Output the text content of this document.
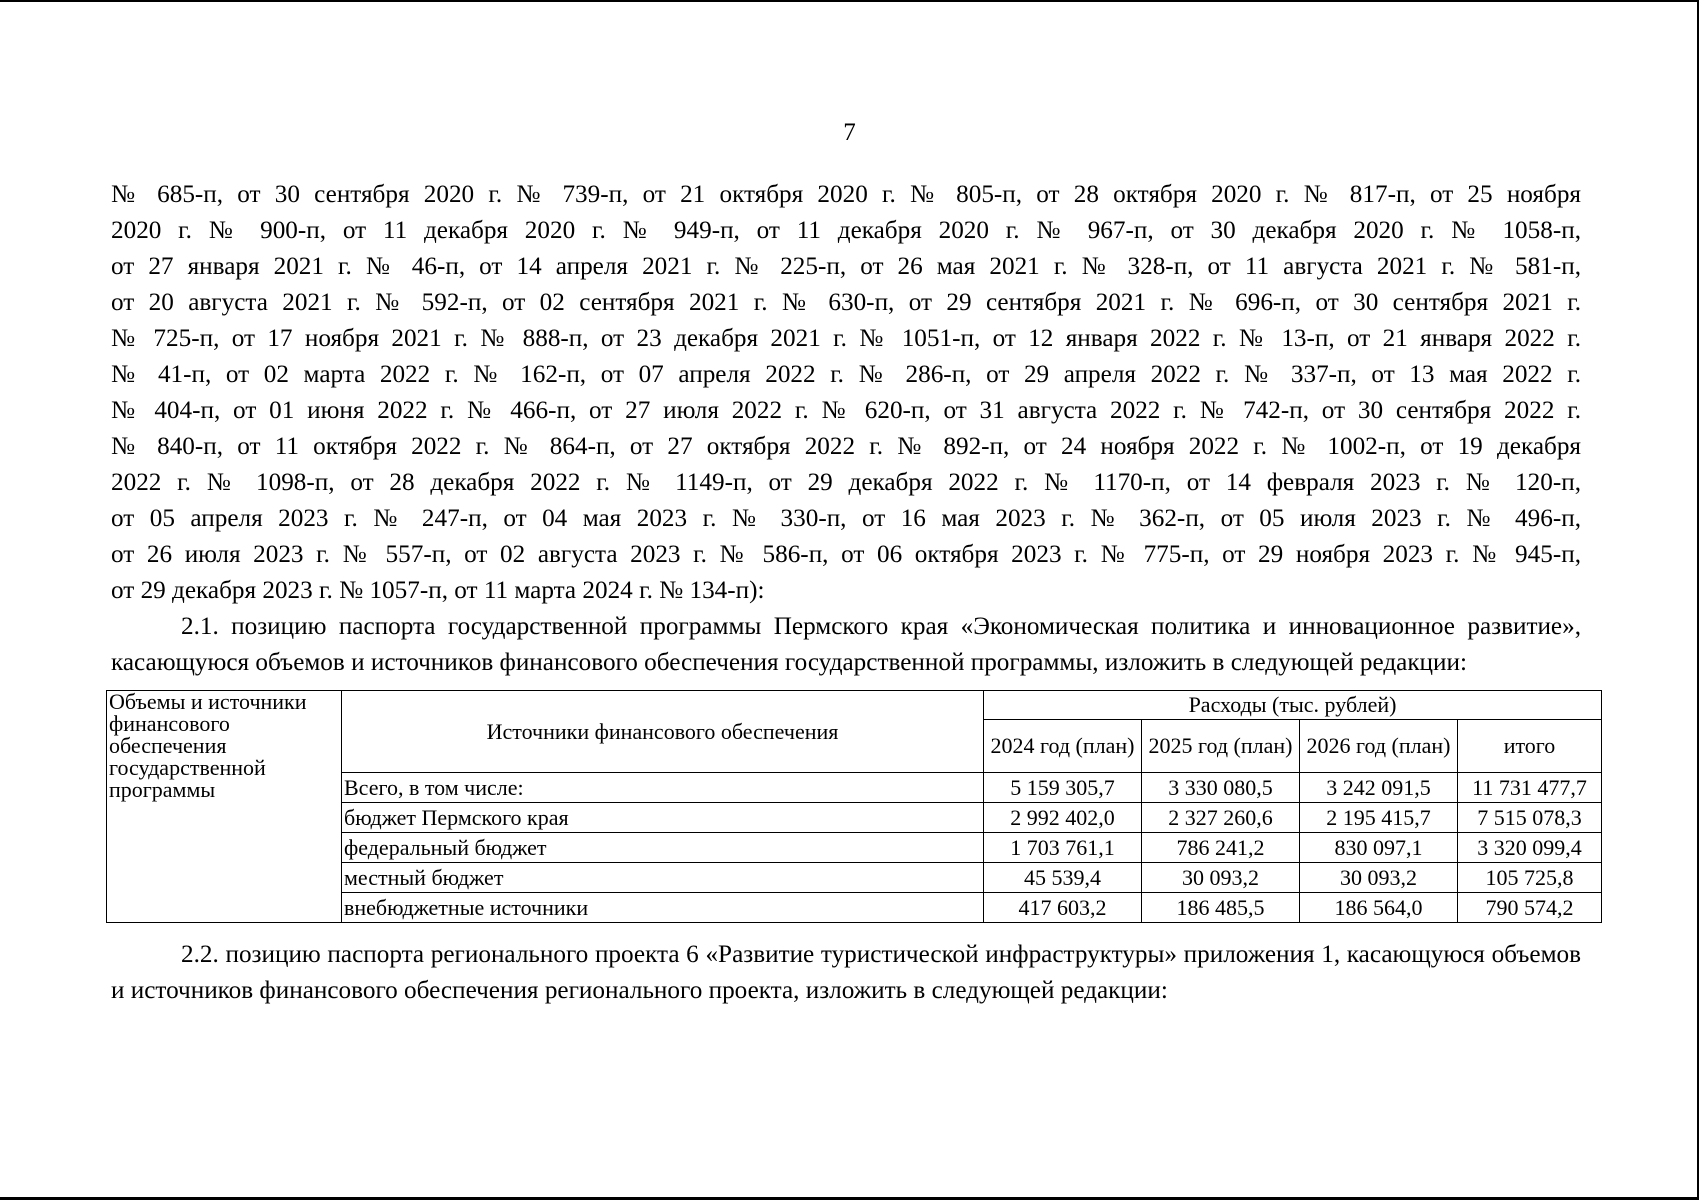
7

№ 685-п, от 30 сентября 2020 г. № 739-п, от 21 октября 2020 г. № 805-п, от 28 октября 2020 г. № 817-п, от 25 ноября
2020 г. № 900-п, от 11 декабря 2020 г. № 949-п, от 11 декабря 2020 г. № 967-п, от 30 декабря 2020 г. № 1058-п,
от 27 января 2021 г. № 46-п, от 14 апреля 2021 г. № 225-п, от 26 мая 2021 г. № 328-п, от 11 августа 2021 г. № 581-п,
от 20 августа 2021 г. № 592-п, от 02 сентября 2021 г. № 630-п, от 29 сентября 2021 г. № 696-п, от 30 сентября 2021 г.
№ 725-п, от 17 ноября 2021 г. № 888-п, от 23 декабря 2021 г. № 1051-п, от 12 января 2022 г. № 13-п, от 21 января 2022 г.
№ 41-п, от 02 марта 2022 г. № 162-п, от 07 апреля 2022 г. № 286-п, от 29 апреля 2022 г. № 337-п, от 13 мая 2022 г.
№ 404-п, от 01 июня 2022 г. № 466-п, от 27 июля 2022 г. № 620-п, от 31 августа 2022 г. № 742-п, от 30 сентября 2022 г.
№ 840-п, от 11 октября 2022 г. № 864-п, от 27 октября 2022 г. № 892-п, от 24 ноября 2022 г. № 1002-п, от 19 декабря
2022 г. № 1098-п, от 28 декабря 2022 г. № 1149-п, от 29 декабря 2022 г. № 1170-п, от 14 февраля 2023 г. № 120-п,
от 05 апреля 2023 г. № 247-п, от 04 мая 2023 г. № 330-п, от 16 мая 2023 г. № 362-п, от 05 июля 2023 г. № 496-п,
от 26 июля 2023 г. № 557-п, от 02 августа 2023 г. № 586-п, от 06 октября 2023 г. № 775-п, от 29 ноября 2023 г. № 945-п,
от 29 декабря 2023 г. № 1057-п, от 11 марта 2024 г. № 134-п):

2.1. позицию паспорта государственной программы Пермского края «Экономическая политика и инновационное развитие», касающуюся объемов и источников финансового обеспечения государственной программы, изложить в следующей редакции:

Объемы и источники финансового обеспечения государственной программы	Источники финансового обеспечения	Расходы (тыс. рублей)			
		2024 год (план)	2025 год (план)	2026 год (план)	итого
	Всего, в том числе:	5 159 305,7	3 330 080,5	3 242 091,5	11 731 477,7
	бюджет Пермского края	2 992 402,0	2 327 260,6	2 195 415,7	7 515 078,3
	федеральный бюджет	1 703 761,1	786 241,2	830 097,1	3 320 099,4
	местный бюджет	45 539,4	30 093,2	30 093,2	105 725,8
	внебюджетные источники	417 603,2	186 485,5	186 564,0	790 574,2

2.2. позицию паспорта регионального проекта 6 «Развитие туристической инфраструктуры» приложения 1, касающуюся объемов и источников финансового обеспечения регионального проекта, изложить в следующей редакции:
